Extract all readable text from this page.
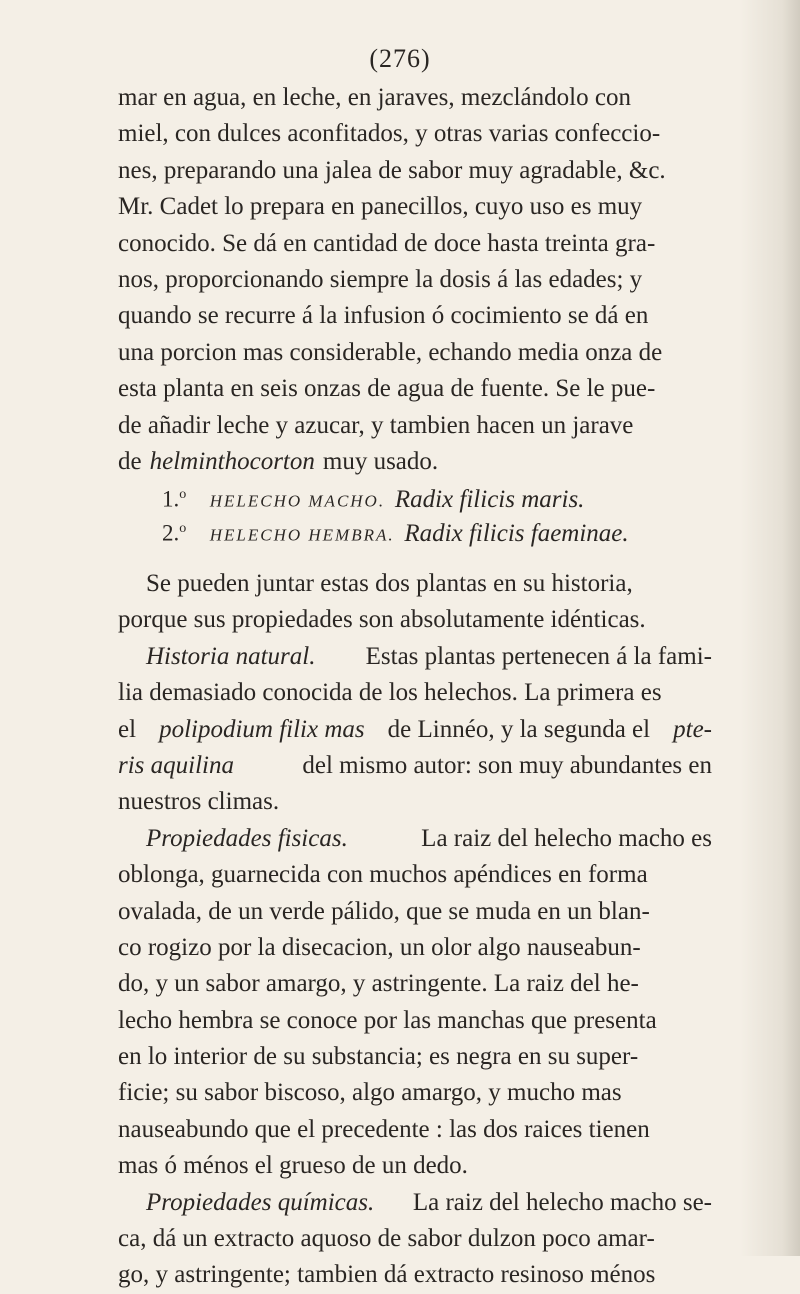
(276)
mar en agua, en leche, en jaraves, mezclándolo con
miel, con dulces aconfitados, y otras varias confeccio-
nes, preparando una jalea de sabor muy agradable, &c.
Mr. Cadet lo prepara en panecillos, cuyo uso es muy
conocido. Se dá en cantidad de doce hasta treinta gra-
nos, proporcionando siempre la dosis á las edades; y
quando se recurre á la infusion ó cocimiento se dá en
una porcion mas considerable, echando media onza de
esta planta en seis onzas de agua de fuente. Se le pue-
de añadir leche y azucar, y tambien hacen un jarave
de helminthocorton muy usado.
1.$^o$ HELECHO MACHO. Radix filicis maris.
2.$^o$ HELECHO HEMBRA. Radix filicis faeminae.
Se pueden juntar estas dos plantas en su historia,
porque sus propiedades son absolutamente idénticas.
Historia natural. Estas plantas pertenecen á la fami-
lia demasiado conocida de los helechos. La primera es
el polipodium filix mas de Linnéo, y la segunda el pte-
ris aquilina	del mismo autor: son muy abundantes en
nuestros climas.
Propiedades fisicas.	La raiz del helecho macho es
oblonga, guarnecida con muchos apéndices en forma
ovalada, de un verde pálido, que se muda en un blan-
co rogizo por la disecacion, un olor algo nauseabun-
do, y un sabor amargo, y astringente. La raiz del he-
lecho hembra se conoce por las manchas que presenta
en lo interior de su substancia; es negra en su super-
ficie; su sabor biscoso, algo amargo, y mucho mas
nauseabundo que el precedente : las dos raices tienen
mas ó ménos el grueso de un dedo.
Propiedades químicas. La raiz del helecho macho se-
ca, dá un extracto aquoso de sabor dulzon poco amar-
go, y astringente; tambien dá extracto resinoso ménos
